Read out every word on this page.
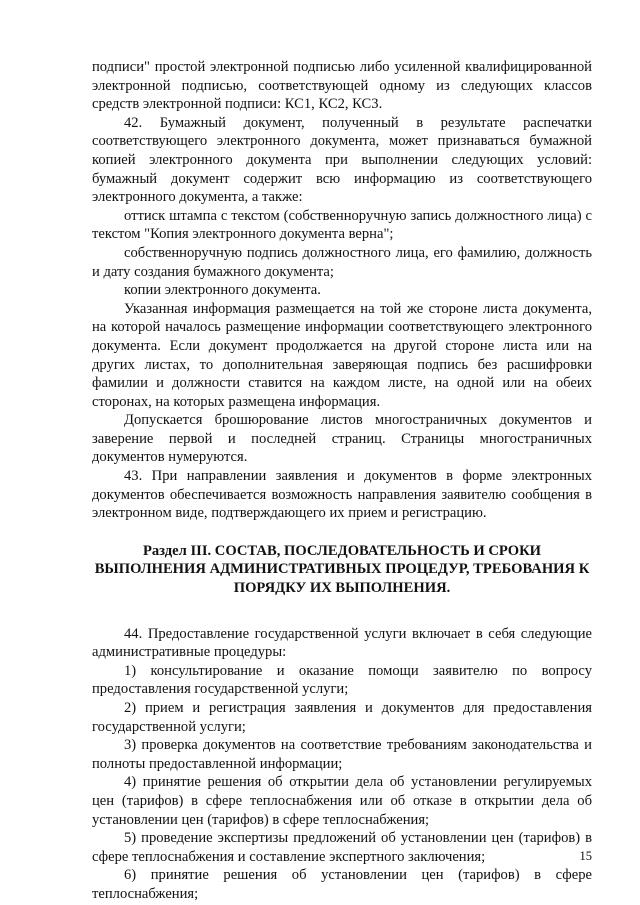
подписи" простой электронной подписью либо усиленной квалифицированной электронной подписью, соответствующей одному из следующих классов средств электронной подписи: КС1, КС2, КС3.

42. Бумажный документ, полученный в результате распечатки соответствующего электронного документа, может признаваться бумажной копией электронного документа при выполнении следующих условий: бумажный документ содержит всю информацию из соответствующего электронного документа, а также:

оттиск штампа с текстом (собственноручную запись должностного лица) с текстом "Копия электронного документа верна";

собственноручную подпись должностного лица, его фамилию, должность и дату создания бумажного документа;

копии электронного документа.

Указанная информация размещается на той же стороне листа документа, на которой началось размещение информации соответствующего электронного документа. Если документ продолжается на другой стороне листа или на других листах, то дополнительная заверяющая подпись без расшифровки фамилии и должности ставится на каждом листе, на одной или на обеих сторонах, на которых размещена информация.

Допускается брошюрование листов многостраничных документов и заверение первой и последней страниц. Страницы многостраничных документов нумеруются.

43. При направлении заявления и документов в форме электронных документов обеспечивается возможность направления заявителю сообщения в электронном виде, подтверждающего их прием и регистрацию.

Раздел III. СОСТАВ, ПОСЛЕДОВАТЕЛЬНОСТЬ И СРОКИ ВЫПОЛНЕНИЯ АДМИНИСТРАТИВНЫХ ПРОЦЕДУР, ТРЕБОВАНИЯ К ПОРЯДКУ ИХ ВЫПОЛНЕНИЯ.

44. Предоставление государственной услуги включает в себя следующие административные процедуры:

1) консультирование и оказание помощи заявителю по вопросу предоставления государственной услуги;

2) прием и регистрация заявления и документов для предоставления государственной услуги;

3) проверка документов на соответствие требованиям законодательства и полноты предоставленной информации;

4) принятие решения об открытии дела об установлении регулируемых цен (тарифов) в сфере теплоснабжения или об отказе в открытии дела об установлении цен (тарифов) в сфере теплоснабжения;

5) проведение экспертизы предложений об установлении цен (тарифов) в сфере теплоснабжения и составление экспертного заключения;

6) принятие решения об установлении цен (тарифов) в сфере теплоснабжения;

15
